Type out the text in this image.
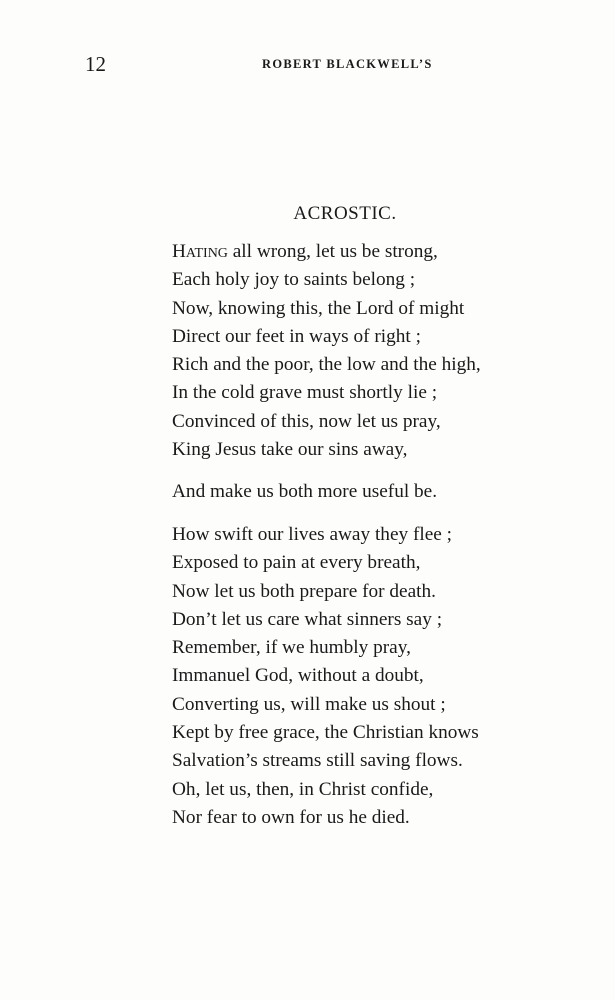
12	ROBERT BLACKWELL’S
ACROSTIC.
Hating all wrong, let us be strong,
Each holy joy to saints belong ;
Now, knowing this, the Lord of might
Direct our feet in ways of right ;
Rich and the poor, the low and the high,
In the cold grave must shortly lie ;
Convinced of this, now let us pray,
King Jesus take our sins away,
And make us both more useful be.
How swift our lives away they flee ;
Exposed to pain at every breath,
Now let us both prepare for death.
Don’t let us care what sinners say ;
Remember, if we humbly pray,
Immanuel God, without a doubt,
Converting us, will make us shout ;
Kept by free grace, the Christian knows
Salvation’s streams still saving flows.
Oh, let us, then, in Christ confide,
Nor fear to own for us he died.
